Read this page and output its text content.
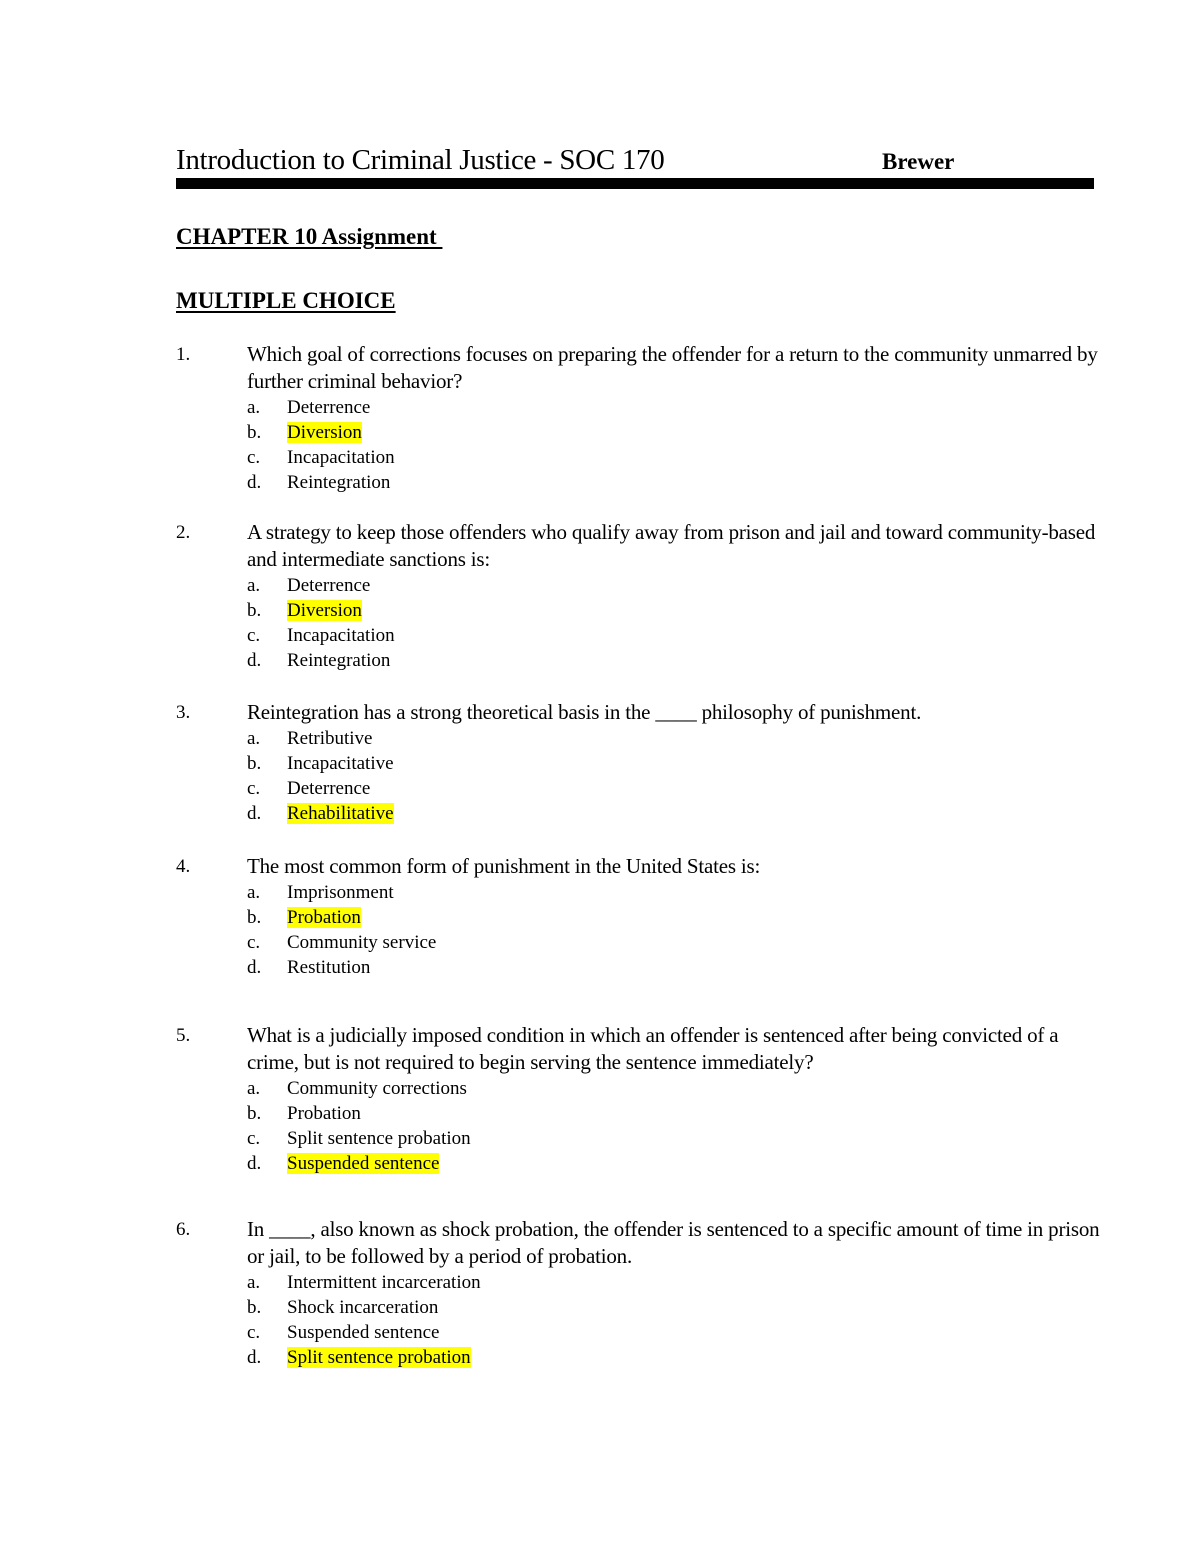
Introduction to Criminal Justice - SOC 170	Brewer
CHAPTER 10 Assignment
MULTIPLE CHOICE
1.	Which goal of corrections focuses on preparing the offender for a return to the community unmarred by further criminal behavior?
a. Deterrence
b. Diversion
c. Incapacitation
d. Reintegration
2.	A strategy to keep those offenders who qualify away from prison and jail and toward community-based and intermediate sanctions is:
a. Deterrence
b. Diversion
c. Incapacitation
d. Reintegration
3.	Reintegration has a strong theoretical basis in the ____ philosophy of punishment.
a. Retributive
b. Incapacitative
c. Deterrence
d. Rehabilitative
4.	The most common form of punishment in the United States is:
a. Imprisonment
b. Probation
c. Community service
d. Restitution
5.	What is a judicially imposed condition in which an offender is sentenced after being convicted of a crime, but is not required to begin serving the sentence immediately?
a. Community corrections
b. Probation
c. Split sentence probation
d. Suspended sentence
6.	In ____, also known as shock probation, the offender is sentenced to a specific amount of time in prison or jail, to be followed by a period of probation.
a. Intermittent incarceration
b. Shock incarceration
c. Suspended sentence
d. Split sentence probation
